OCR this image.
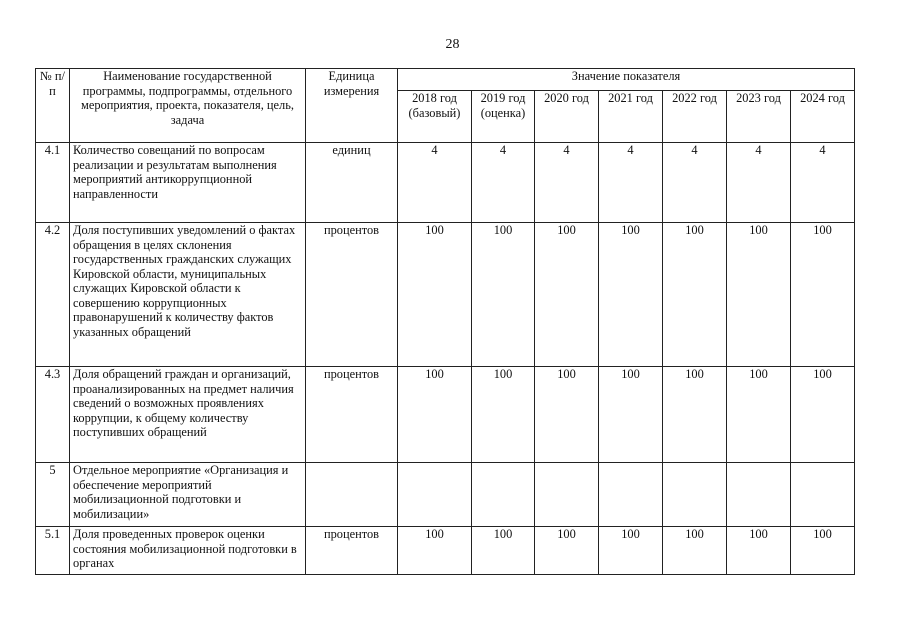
28
№ п/п	Наименование государственной программы, подпрограммы, отдельного мероприятия, проекта, показателя, цель, задача	Единица измерения	Значение показателя						
			2018 год (базовый)	2019 год (оценка)	2020 год	2021 год	2022 год	2023 год	2024 год
4.1	Количество совещаний по вопросам реализации и результатам выполнения мероприятий антикоррупционной направленности	единиц	4	4	4	4	4	4	4
4.2	Доля поступивших уведомлений о фактах обращения в целях склонения государственных гражданских служащих Кировской области, муниципальных служащих Кировской области к совершению коррупционных правонарушений к количеству фактов указанных обращений	процентов	100	100	100	100	100	100	100
4.3	Доля обращений граждан и организаций, проанализированных на предмет наличия сведений о возможных проявлениях коррупции, к общему количеству поступивших обращений	процентов	100	100	100	100	100	100	100
5	Отдельное мероприятие «Организация и обеспечение мероприятий мобилизационной подготовки и мобилизации»								
5.1	Доля проведенных проверок оценки состояния мобилизационной подготовки в органах	процентов	100	100	100	100	100	100	100
